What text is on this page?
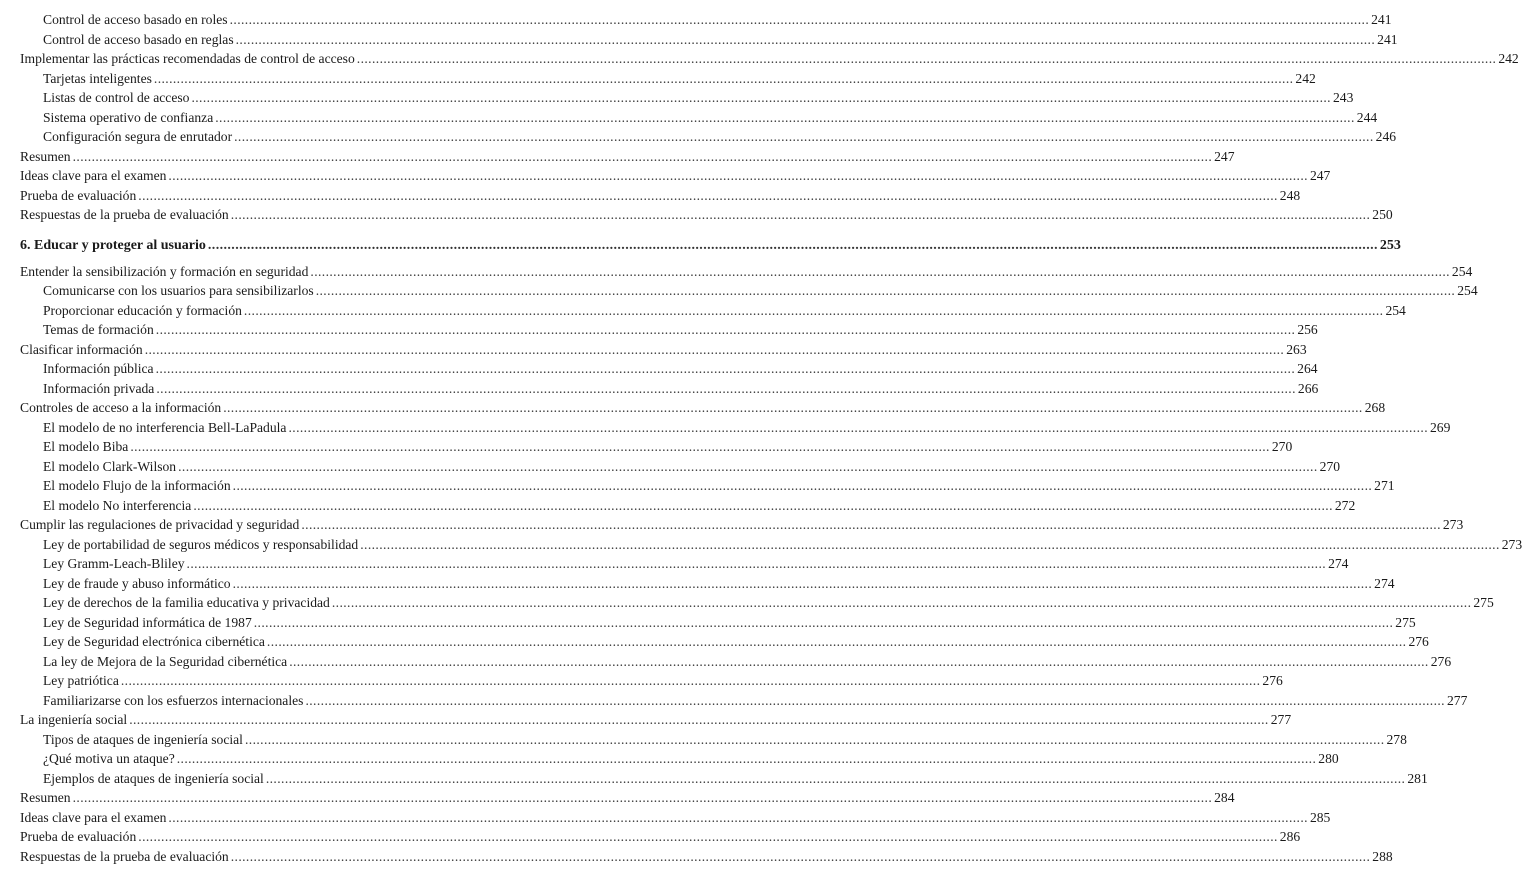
Control de acceso basado en roles ............................................................................................................................................................................................................................................................................................................ 241
Control de acceso basado en reglas ............................................................................................................................................................................................................................................................................................................ 241
Implementar las prácticas recomendadas de control de acceso ............................................................................................................................................................................................................................................................................................................ 242
Tarjetas inteligentes ............................................................................................................................................................................................................................................................................................................ 242
Listas de control de acceso ............................................................................................................................................................................................................................................................................................................ 243
Sistema operativo de confianza ............................................................................................................................................................................................................................................................................................................ 244
Configuración segura de enrutador ............................................................................................................................................................................................................................................................................................................ 246
Resumen ............................................................................................................................................................................................................................................................................................................ 247
Ideas clave para el examen ............................................................................................................................................................................................................................................................................................................ 247
Prueba de evaluación ............................................................................................................................................................................................................................................................................................................ 248
Respuestas de la prueba de evaluación ............................................................................................................................................................................................................................................................................................................ 250
6. Educar y proteger al usuario ............................................................................................................................................................................................................................................................................................................ 253
Entender la sensibilización y formación en seguridad ............................................................................................................................................................................................................................................................................................................ 254
Comunicarse con los usuarios para sensibilizarlos ............................................................................................................................................................................................................................................................................................................ 254
Proporcionar educación y formación ............................................................................................................................................................................................................................................................................................................ 254
Temas de formación ............................................................................................................................................................................................................................................................................................................ 256
Clasificar información ............................................................................................................................................................................................................................................................................................................ 263
Información pública ............................................................................................................................................................................................................................................................................................................ 264
Información privada ............................................................................................................................................................................................................................................................................................................ 266
Controles de acceso a la información ............................................................................................................................................................................................................................................................................................................ 268
El modelo de no interferencia Bell-LaPadula ............................................................................................................................................................................................................................................................................................................ 269
El modelo Biba ............................................................................................................................................................................................................................................................................................................ 270
El modelo Clark-Wilson ............................................................................................................................................................................................................................................................................................................ 270
El modelo Flujo de la información ............................................................................................................................................................................................................................................................................................................ 271
El modelo No interferencia ............................................................................................................................................................................................................................................................................................................ 272
Cumplir las regulaciones de privacidad y seguridad ............................................................................................................................................................................................................................................................................................................ 273
Ley de portabilidad de seguros médicos y responsabilidad ............................................................................................................................................................................................................................................................................................................ 273
Ley Gramm-Leach-Bliley ............................................................................................................................................................................................................................................................................................................ 274
Ley de fraude y abuso informático ............................................................................................................................................................................................................................................................................................................ 274
Ley de derechos de la familia educativa y privacidad ............................................................................................................................................................................................................................................................................................................ 275
Ley de Seguridad informática de 1987 ............................................................................................................................................................................................................................................................................................................ 275
Ley de Seguridad electrónica cibernética ............................................................................................................................................................................................................................................................................................................ 276
La ley de Mejora de la Seguridad cibernética ............................................................................................................................................................................................................................................................................................................ 276
Ley patriótica ............................................................................................................................................................................................................................................................................................................ 276
Familiarizarse con los esfuerzos internacionales ............................................................................................................................................................................................................................................................................................................ 277
La ingeniería social ............................................................................................................................................................................................................................................................................................................ 277
Tipos de ataques de ingeniería social ............................................................................................................................................................................................................................................................................................................ 278
¿Qué motiva un ataque? ............................................................................................................................................................................................................................................................................................................ 280
Ejemplos de ataques de ingeniería social ............................................................................................................................................................................................................................................................................................................ 281
Resumen ............................................................................................................................................................................................................................................................................................................ 284
Ideas clave para el examen ............................................................................................................................................................................................................................................................................................................ 285
Prueba de evaluación ............................................................................................................................................................................................................................................................................................................ 286
Respuestas de la prueba de evaluación ............................................................................................................................................................................................................................................................................................................ 288
